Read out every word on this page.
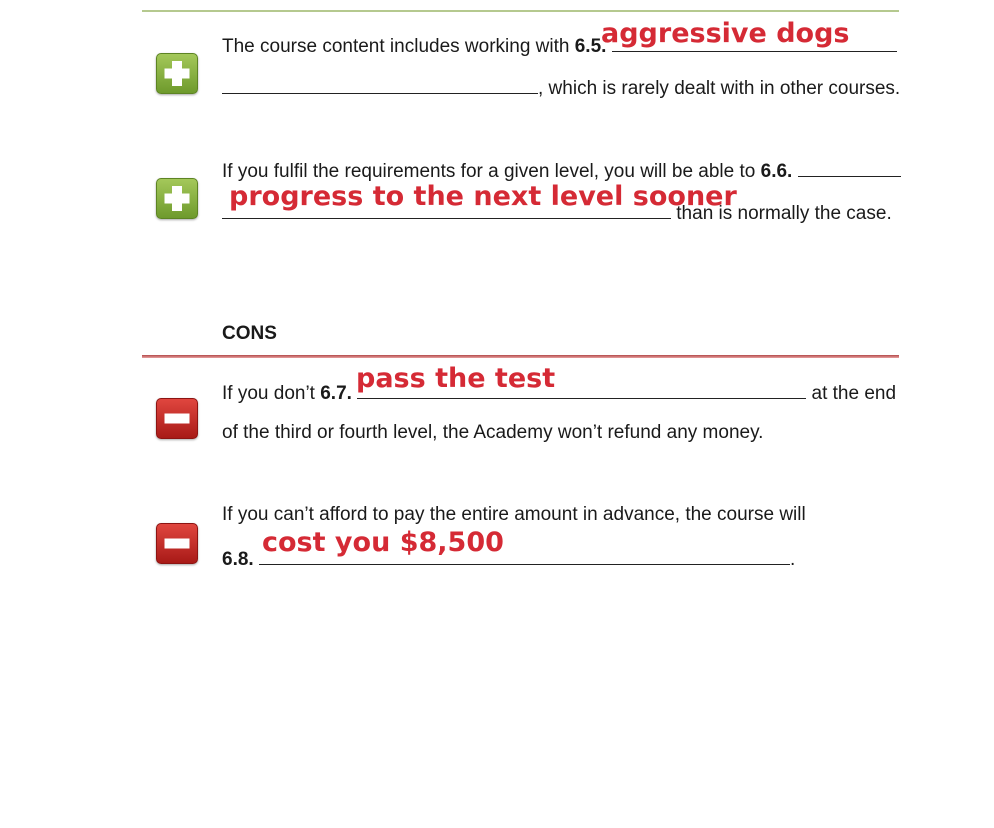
The course content includes working with 6.5.
aggressive dogs
, which is rarely dealt with in other courses.
If you fulfil the requirements for a given level, you will be able to 6.6.
progress to the next level sooner
than is normally the case.
CONS
If you don’t 6.7.	at the end
pass the test
of the third or fourth level, the Academy won’t refund any money.
If you can’t afford to pay the entire amount in advance, the course will
6.8.	.
cost you $8,500
